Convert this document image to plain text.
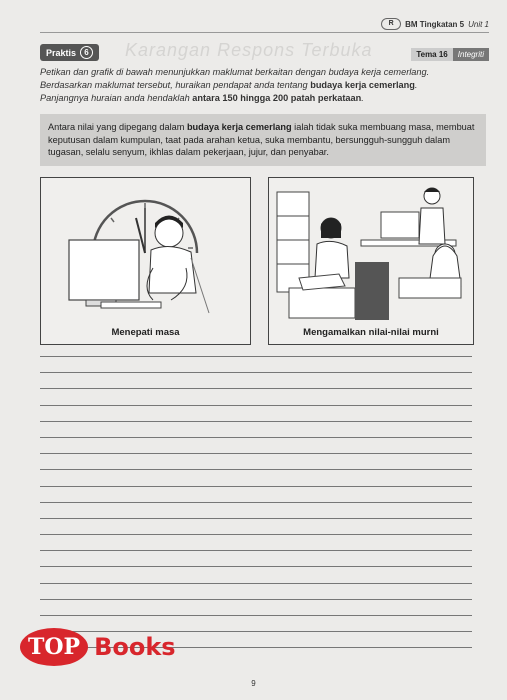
R	BM Tingkatan 5 Unit 1
Praktis	6 Karangan Respons Terbuka	Tema 16	Integriti
Petikan dan grafik di bawah menunjukkan maklumat berkaitan dengan budaya kerja cemerlang.
Berdasarkan maklumat tersebut, huraikan pendapat anda tentang budaya kerja cemerlang.
Panjangnya huraian anda hendaklah antara 150 hingga 200 patah perkataan.
Antara nilai yang dipegang dalam budaya kerja cemerlang ialah tidak suka membuang masa, membuat keputusan dalam kumpulan, taat pada arahan ketua, suka membantu, bersungguh-sungguh dalam tugasan, selalu senyum, ikhlas dalam pekerjaan, jujur, dan penyabar.
Menepati masa	Mengamalkan nilai-nilai murni
TOP Books
9
